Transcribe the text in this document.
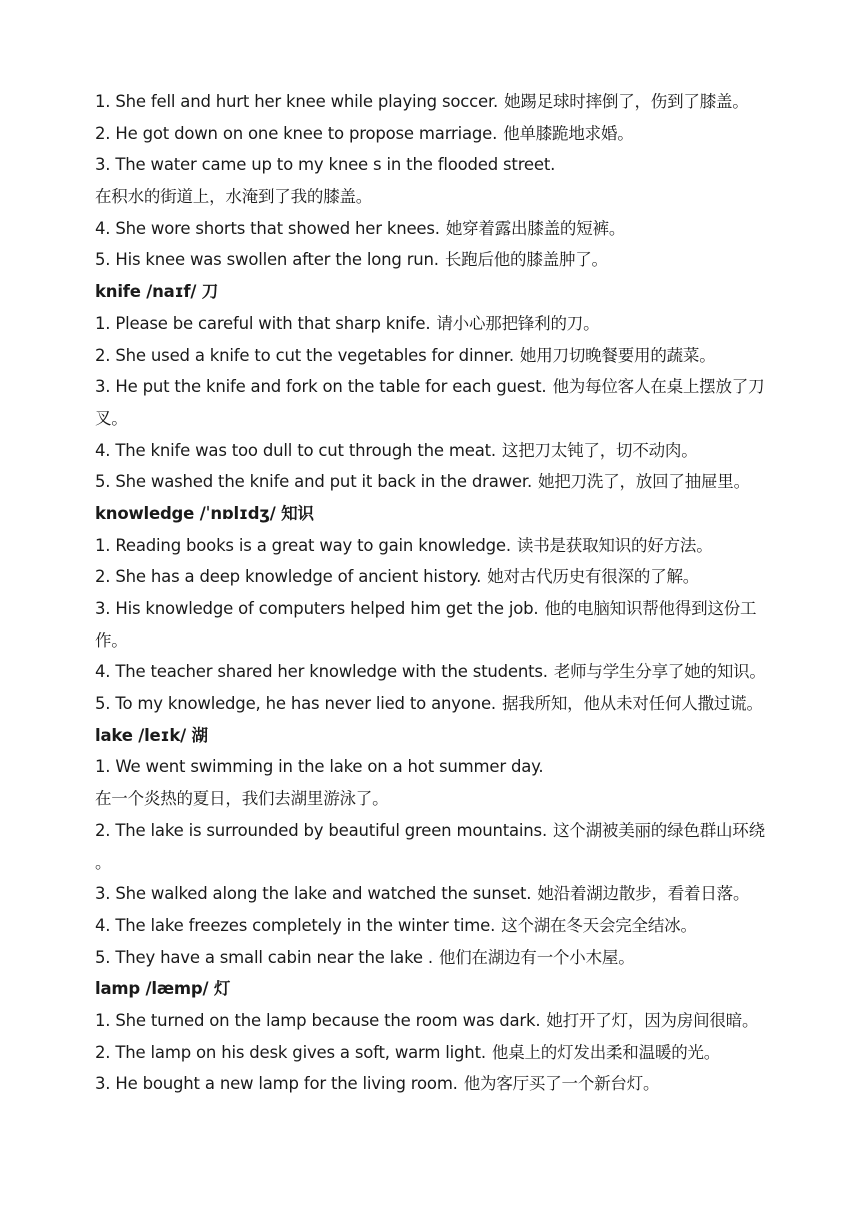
1. She fell and hurt her knee while playing soccer. 她踢足球时摔倒了，伤到了膝盖。
2. He got down on one knee to propose marriage. 他单膝跪地求婚。
3. The water came up to my knee s in the flooded street.
在积水的街道上，水淹到了我的膝盖。
4. She wore shorts that showed her knees. 她穿着露出膝盖的短裤。
5. His knee was swollen after the long run. 长跑后他的膝盖肿了。
knife /naɪf/ 刀
1. Please be careful with that sharp knife. 请小心那把锋利的刀。
2. She used a knife to cut the vegetables for dinner. 她用刀切晚餐要用的蔬菜。
3. He put the knife and fork on the table for each guest. 他为每位客人在桌上摆放了刀
叉。
4. The knife was too dull to cut through the meat. 这把刀太钝了，切不动肉。
5. She washed the knife and put it back in the drawer. 她把刀洗了，放回了抽屉里。
knowledge /ˈnɒlɪdʒ/ 知识
1. Reading books is a great way to gain knowledge. 读书是获取知识的好方法。
2. She has a deep knowledge of ancient history. 她对古代历史有很深的了解。
3. His knowledge of computers helped him get the job. 他的电脑知识帮他得到这份工
作。
4. The teacher shared her knowledge with the students. 老师与学生分享了她的知识。
5. To my knowledge, he has never lied to anyone. 据我所知，他从未对任何人撒过谎。
lake /leɪk/ 湖
1. We went swimming in the lake on a hot summer day.
在一个炎热的夏日，我们去湖里游泳了。
2. The lake is surrounded by beautiful green mountains. 这个湖被美丽的绿色群山环绕
。
3. She walked along the lake and watched the sunset. 她沿着湖边散步，看着日落。
4. The lake freezes completely in the winter time. 这个湖在冬天会完全结冰。
5. They have a small cabin near the lake . 他们在湖边有一个小木屋。
lamp /læmp/ 灯
1. She turned on the lamp because the room was dark. 她打开了灯，因为房间很暗。
2. The lamp on his desk gives a soft, warm light. 他桌上的灯发出柔和温暖的光。
3. He bought a new lamp for the living room. 他为客厅买了一个新台灯。
